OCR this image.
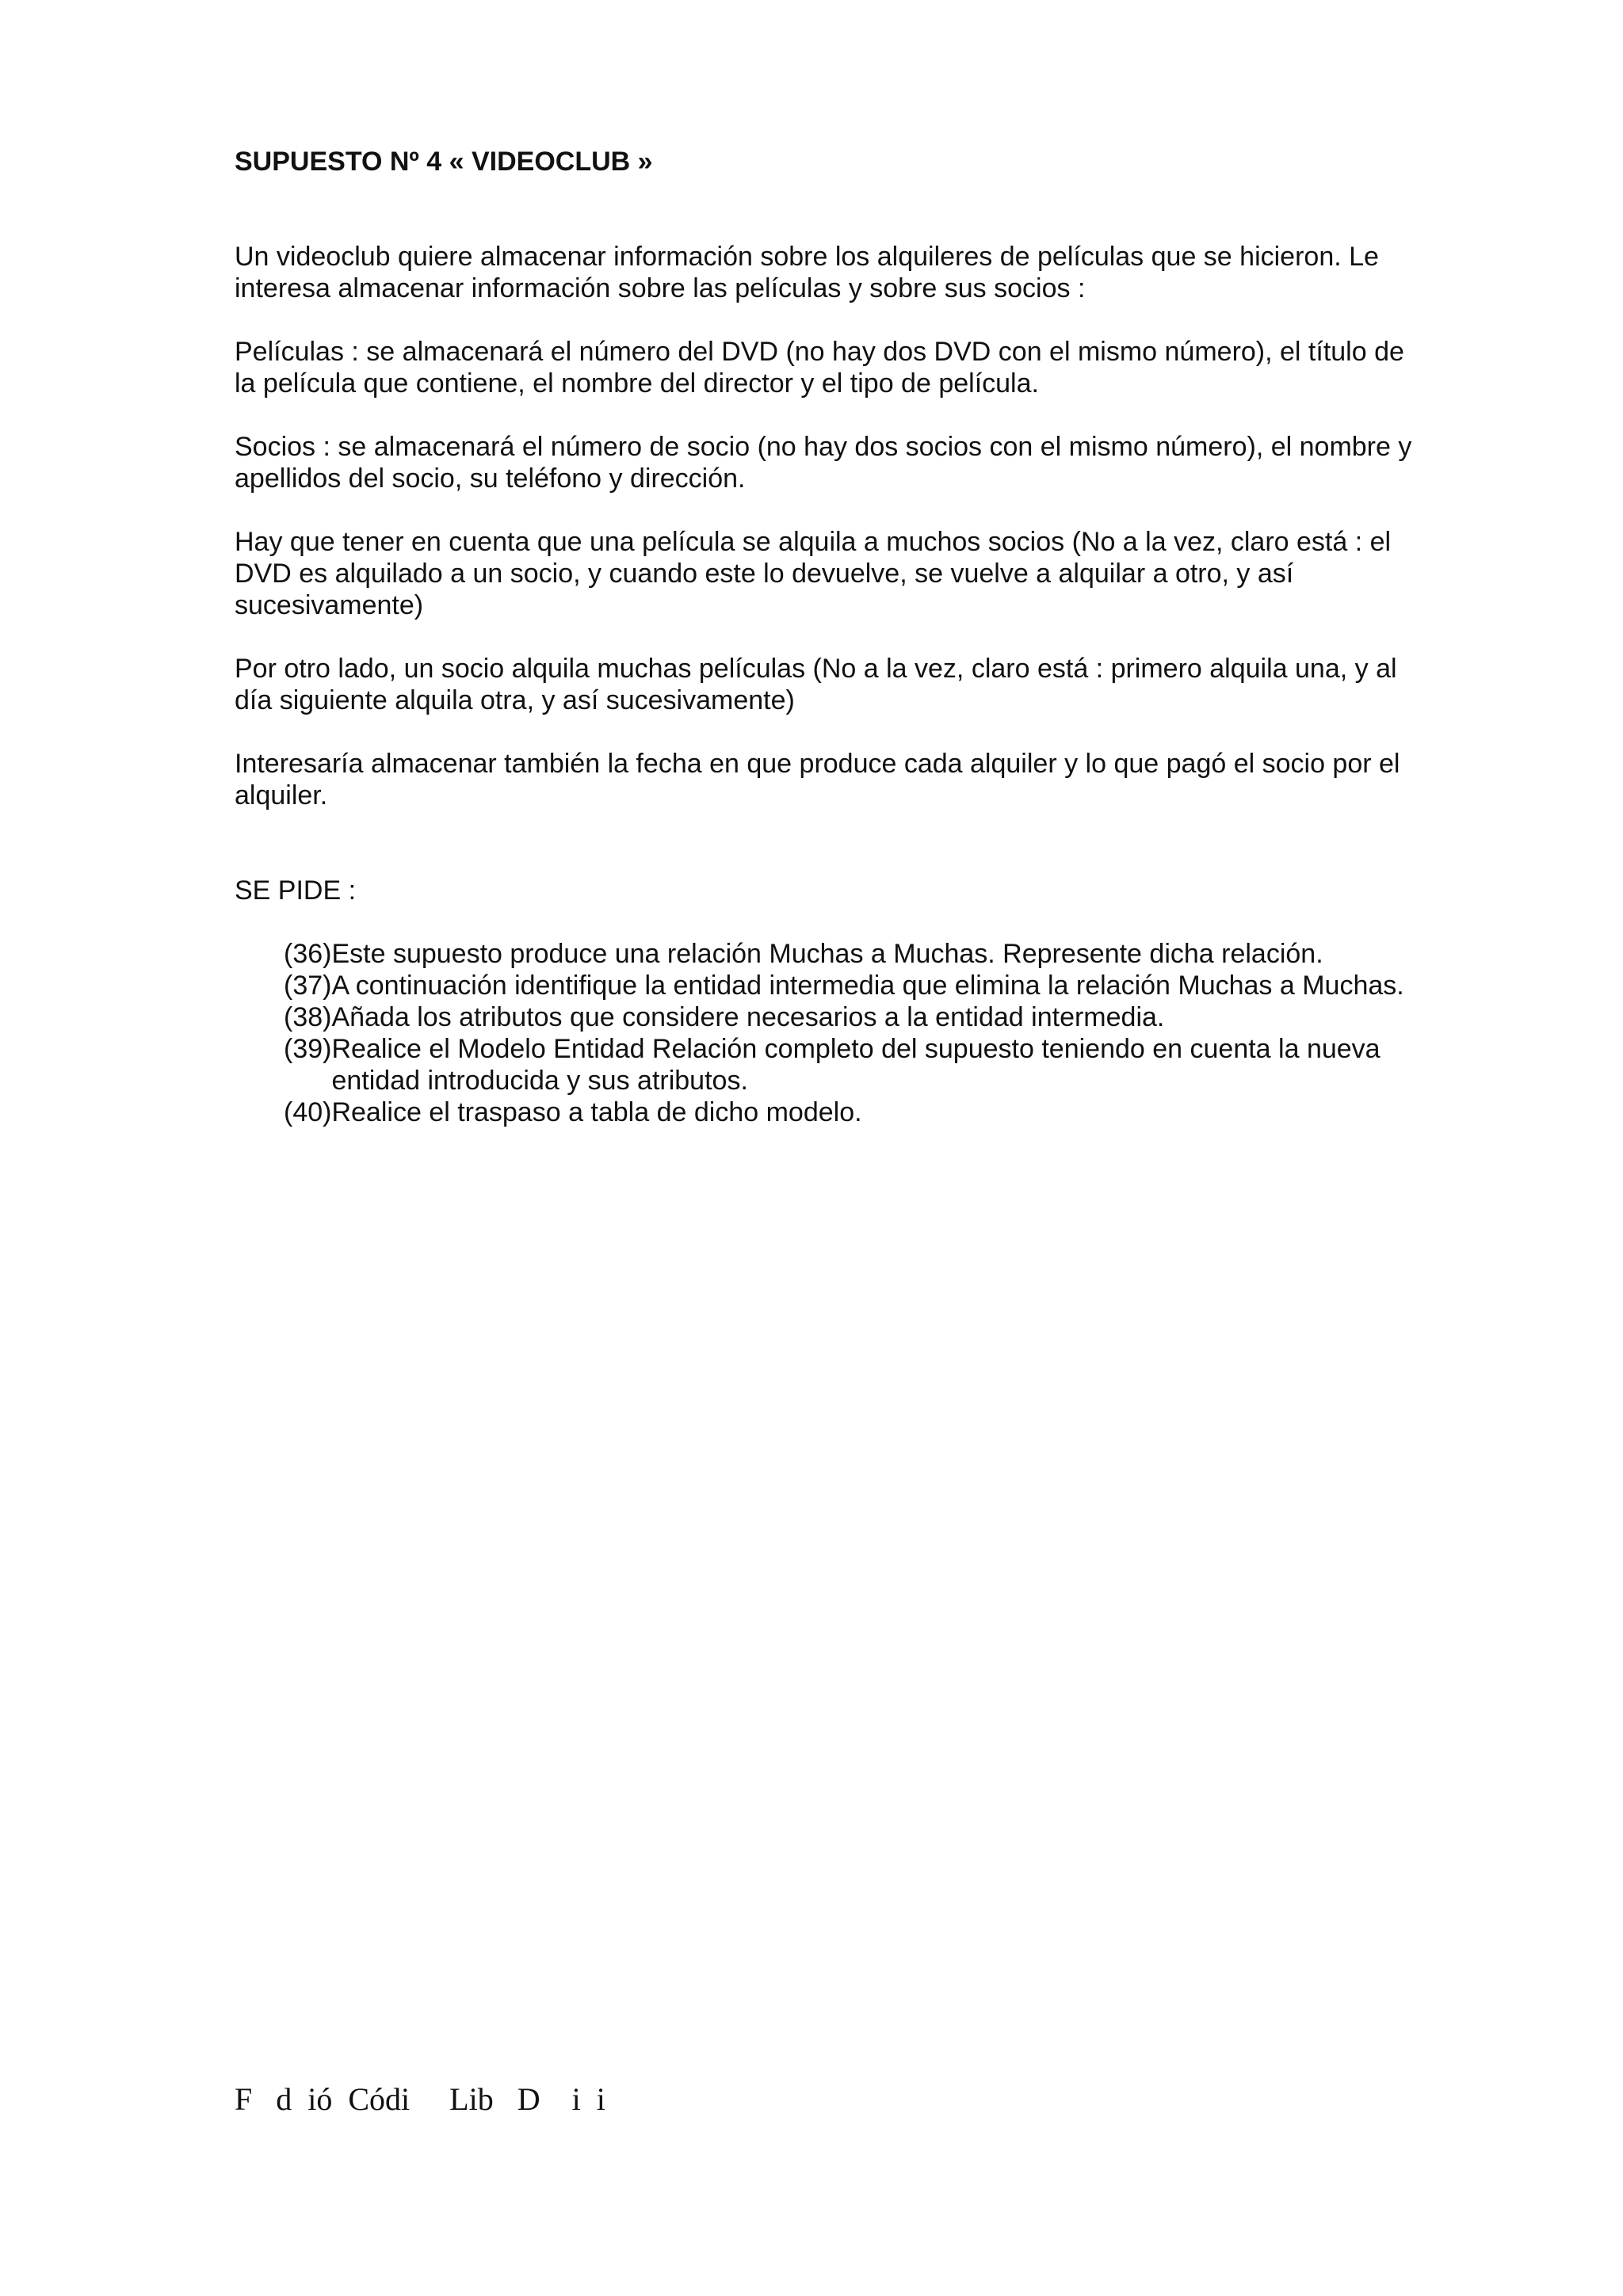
SUPUESTO Nº 4 « VIDEOCLUB »

Un videoclub quiere almacenar información sobre los alquileres de películas que se hicieron. Le interesa almacenar información sobre las películas y sobre sus socios :

Películas : se almacenará el número del DVD (no hay dos DVD con el mismo número), el título de la película que contiene, el nombre del director y el tipo de película.

Socios : se almacenará el número de socio (no hay dos socios con el mismo número), el nombre y apellidos del socio, su teléfono y dirección.

Hay que tener en cuenta que una película se alquila a muchos socios (No a la vez, claro está : el DVD es alquilado a un socio, y cuando este lo devuelve, se vuelve a alquilar a otro, y así sucesivamente)

Por otro lado, un socio alquila muchas películas (No a la vez, claro está : primero alquila una, y al día siguiente alquila otra, y así sucesivamente)

Interesaría almacenar también la fecha en que produce cada alquiler y lo que pagó el socio por el alquiler.

SE PIDE :

(36) Este supuesto produce una relación Muchas a Muchas. Represente dicha relación.
(37) A continuación identifique la entidad intermedia que elimina la relación Muchas a Muchas.
(38) Añada los atributos que considere necesarios a la entidad intermedia.
(39) Realice el Modelo Entidad Relación completo del supuesto teniendo en cuenta la nueva entidad introducida y sus atributos.
(40) Realice el traspaso a tabla de dicho modelo.
F   d  ió  Códi     Lib   D    i  i
